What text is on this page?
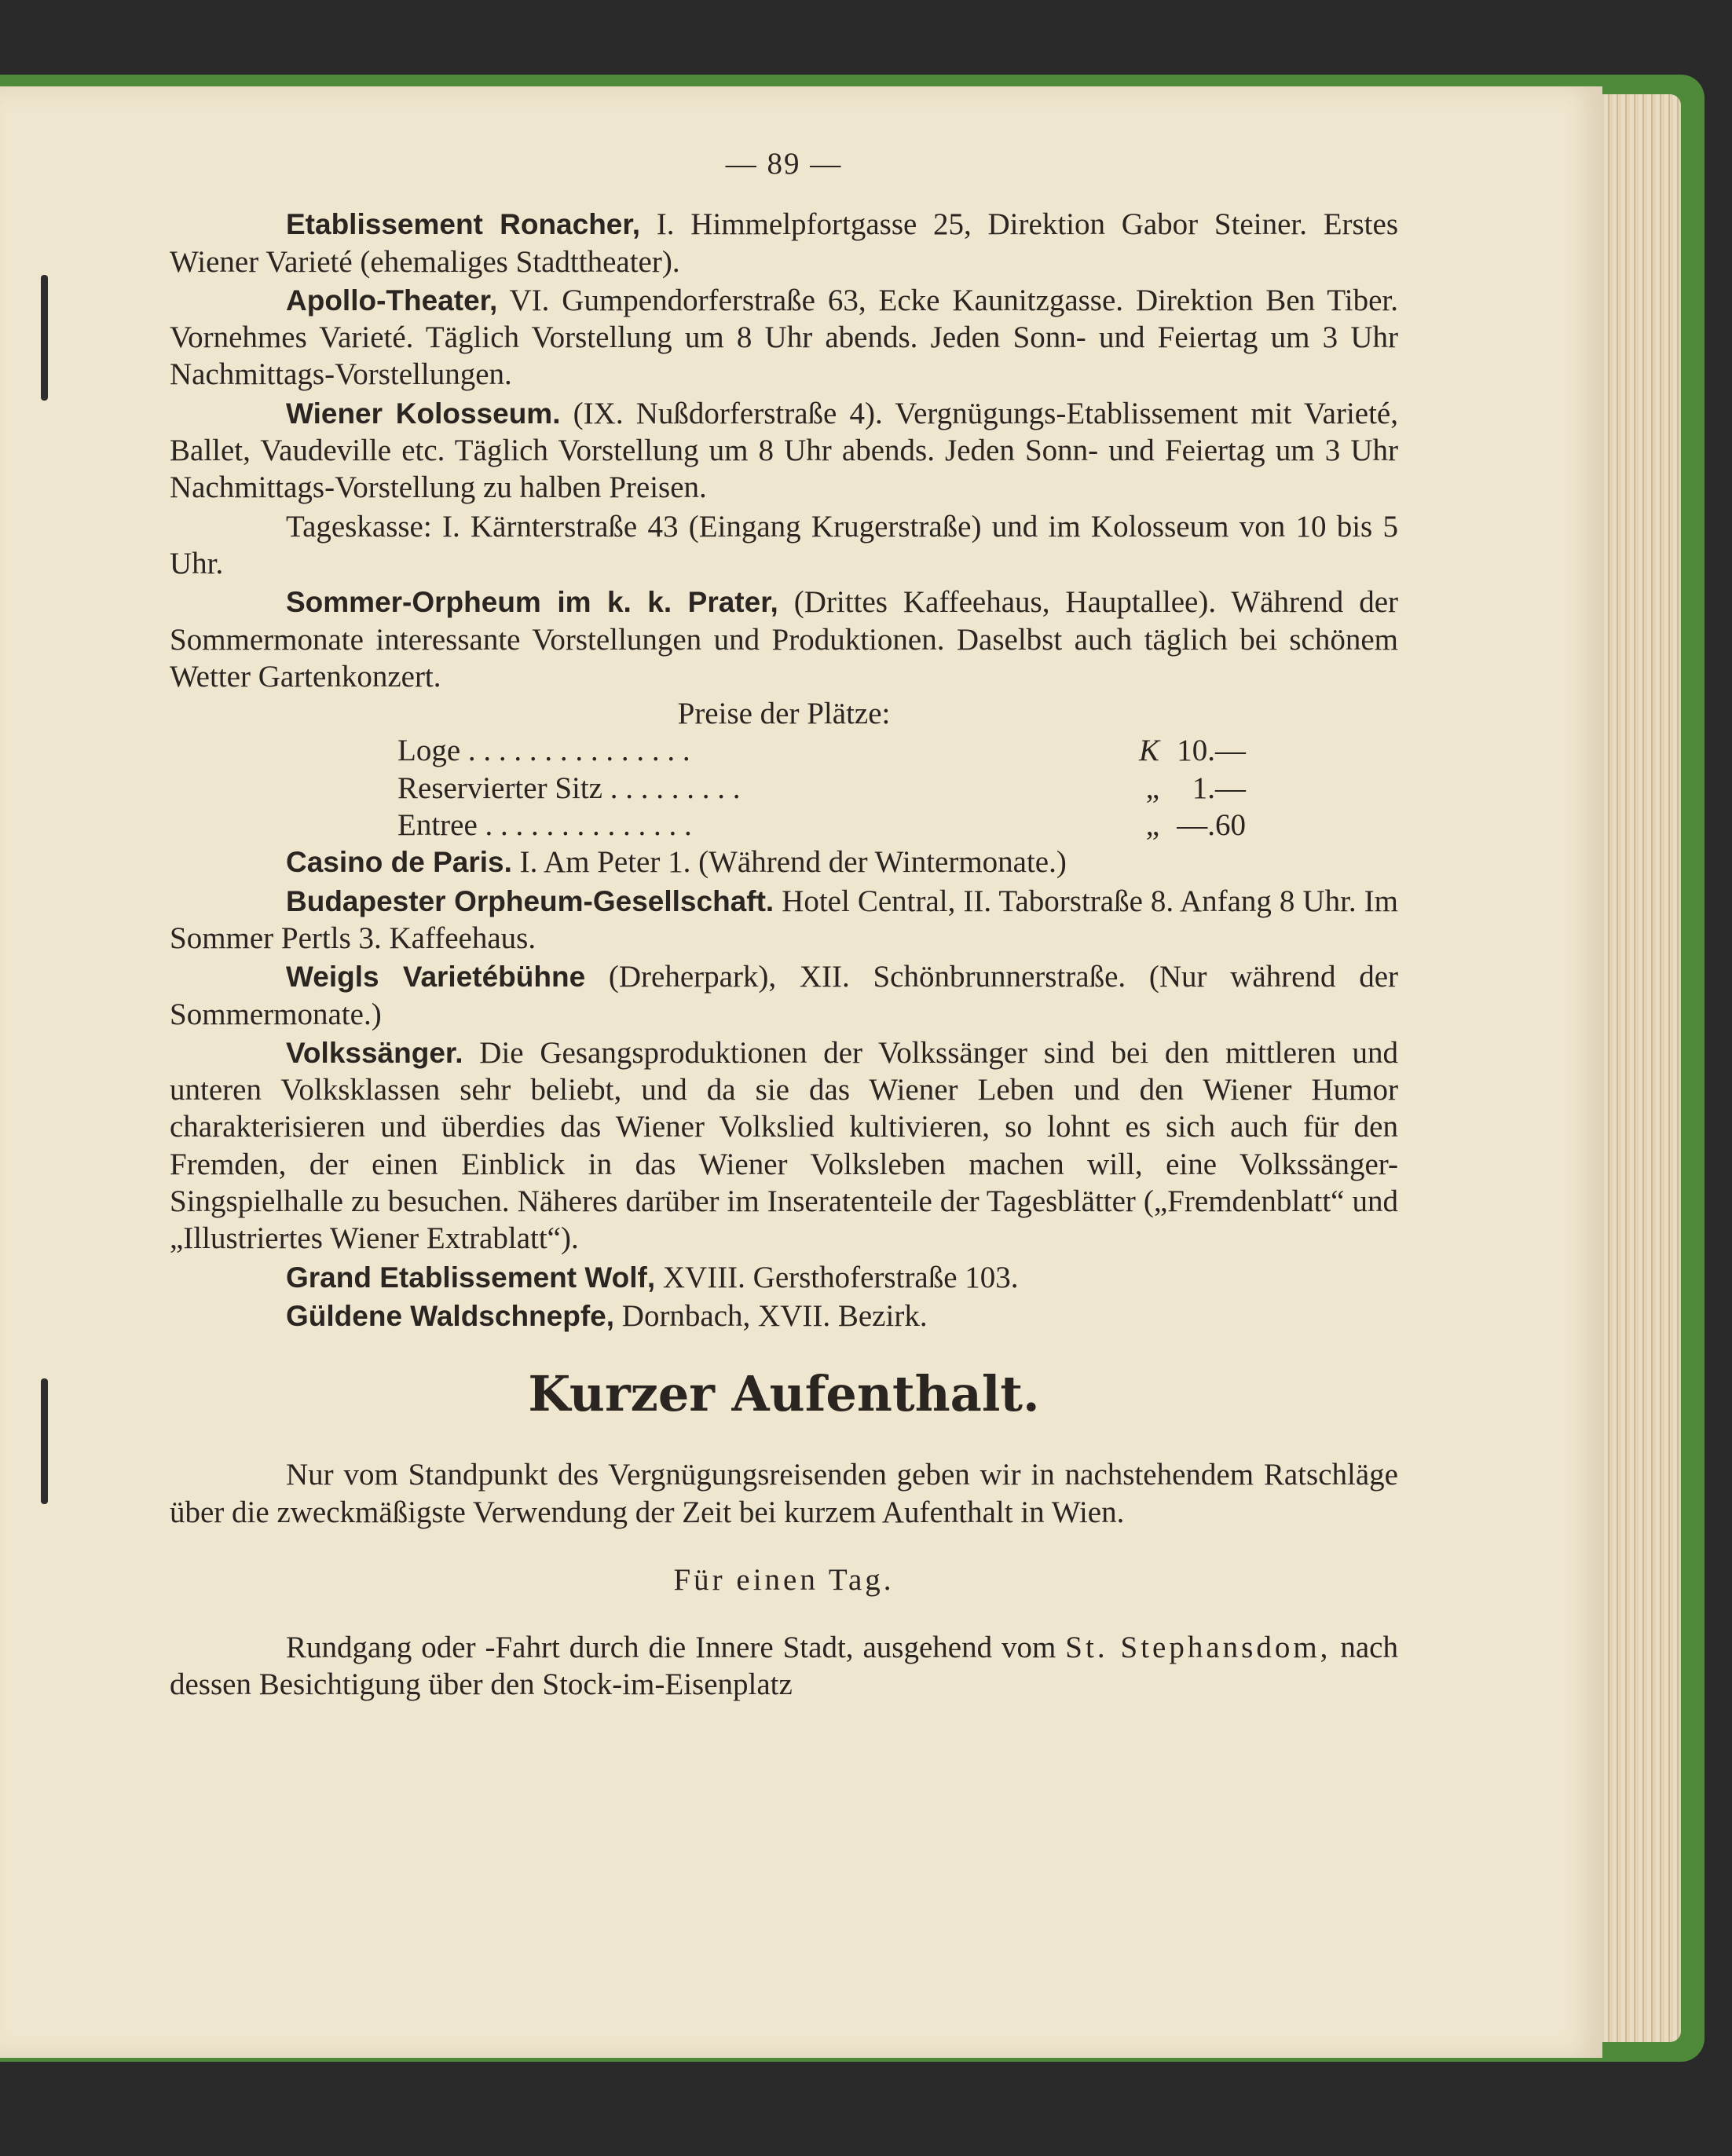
— 89 —

Etablissement Ronacher, I. Himmelpfortgasse 25, Direktion Gabor Steiner. Erstes Wiener Varieté (ehemaliges Stadttheater).

Apollo-Theater, VI. Gumpendorferstraße 63, Ecke Kaunitzgasse. Direktion Ben Tiber. Vornehmes Varieté. Täglich Vorstellung um 8 Uhr abends. Jeden Sonn- und Feiertag um 3 Uhr Nachmittags-Vorstellungen.

Wiener Kolosseum. (IX. Nußdorferstraße 4). Vergnügungs-Etablissement mit Varieté, Ballet, Vaudeville etc. Täglich Vorstellung um 8 Uhr abends. Jeden Sonn- und Feiertag um 3 Uhr Nachmittags-Vorstellung zu halben Preisen.

Tageskasse: I. Kärnterstraße 43 (Eingang Krugerstraße) und im Kolosseum von 10 bis 5 Uhr.

Sommer-Orpheum im k. k. Prater, (Drittes Kaffeehaus, Hauptallee). Während der Sommermonate interessante Vorstellungen und Produktionen. Daselbst auch täglich bei schönem Wetter Gartenkonzert.

Preise der Plätze:
Loge . . . . . . . . . . . . . . .	K	10.—
Reservierter Sitz . . . . . . . . .	„	1.—
Entree . . . . . . . . . . . . . .	„	—.60

Casino de Paris. I. Am Peter 1. (Während der Wintermonate.)

Budapester Orpheum-Gesellschaft. Hotel Central, II. Taborstraße 8. Anfang 8 Uhr. Im Sommer Pertls 3. Kaffeehaus.

Weigls Varietébühne (Dreherpark), XII. Schönbrunnerstraße. (Nur während der Sommermonate.)

Volkssänger. Die Gesangsproduktionen der Volkssänger sind bei den mittleren und unteren Volksklassen sehr beliebt, und da sie das Wiener Leben und den Wiener Humor charakterisieren und überdies das Wiener Volkslied kultivieren, so lohnt es sich auch für den Fremden, der einen Einblick in das Wiener Volksleben machen will, eine Volkssänger-Singspielhalle zu besuchen. Näheres darüber im Inseratenteile der Tagesblätter („Fremdenblatt“ und „Illustriertes Wiener Extrablatt“).

Grand Etablissement Wolf, XVIII. Gersthoferstraße 103.

Güldene Waldschnepfe, Dornbach, XVII. Bezirk.

Kurzer Aufenthalt.

Nur vom Standpunkt des Vergnügungsreisenden geben wir in nachstehendem Ratschläge über die zweckmäßigste Verwendung der Zeit bei kurzem Aufenthalt in Wien.

Für einen Tag.

Rundgang oder -Fahrt durch die Innere Stadt, ausgehend vom St. Stephansdom, nach dessen Besichtigung über den Stock-im-Eisenplatz
